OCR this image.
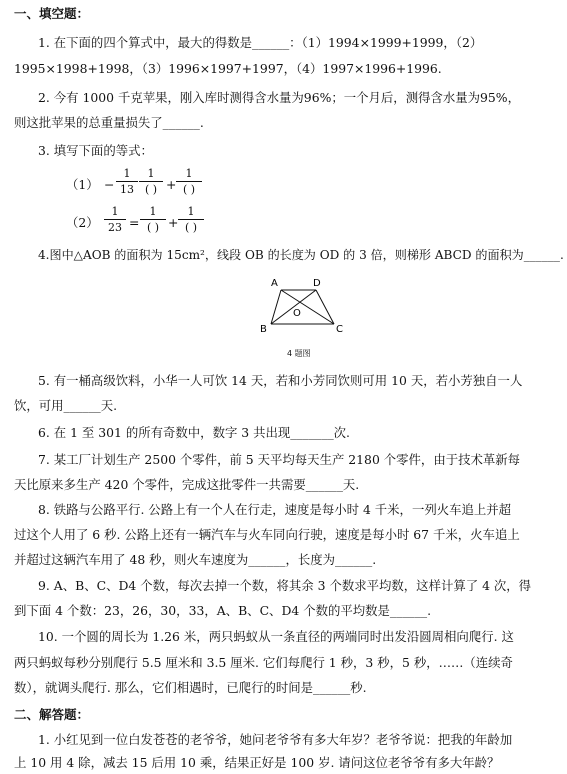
一、填空题：
1. 在下面的四个算式中，最大的得数是______：（1）1994×1999+1999，（2）
1995×1998+1998，（3）1996×1997+1997，（4）1997×1996+1996.
2. 今有 1000 千克苹果，刚入库时测得含水量为96%；一个月后，测得含水量为95%，
则这批苹果的总重量损失了______.
3. 填写下面的等式：
（1） −
1
13
1
( ) +
1
( )
（2）
1
23 =
1
( ) +
1
( )
4.图中△AOB 的面积为 15cm²，线段 OB 的长度为 OD 的 3 倍，则梯形 ABCD 的面积为______.
A	D
B	C
O
4 题图
5. 有一桶高级饮料，小华一人可饮 14 天，若和小芳同饮则可用 10 天，若小芳独自一人
饮，可用______天.
6. 在 1 至 301 的所有奇数中，数字 3 共出现_______次.
7. 某工厂计划生产 2500 个零件，前 5 天平均每天生产 2180 个零件，由于技术革新每
天比原来多生产 420 个零件，完成这批零件一共需要______天.
8. 铁路与公路平行. 公路上有一个人在行走，速度是每小时 4 千米，一列火车追上并超
过这个人用了 6 秒. 公路上还有一辆汽车与火车同向行驶，速度是每小时 67 千米，火车追上
并超过这辆汽车用了 48 秒，则火车速度为______，长度为______.
9. A、B、C、D4 个数，每次去掉一个数，将其余 3 个数求平均数，这样计算了 4 次，得
到下面 4 个数：23，26，30，33，A、B、C、D4 个数的平均数是______.
10. 一个圆的周长为 1.26 米，两只蚂蚁从一条直径的两端同时出发沿圆周相向爬行. 这
两只蚂蚁每秒分别爬行 5.5 厘米和 3.5 厘米. 它们每爬行 1 秒，3 秒，5 秒，……（连续奇
数），就调头爬行. 那么，它们相遇时，已爬行的时间是______秒.
二、解答题：
1. 小红见到一位白发苍苍的老爷爷，她问老爷爷有多大年岁？老爷爷说：把我的年龄加
上 10 用 4 除，减去 15 后用 10 乘，结果正好是 100 岁. 请问这位老爷爷有多大年龄？
